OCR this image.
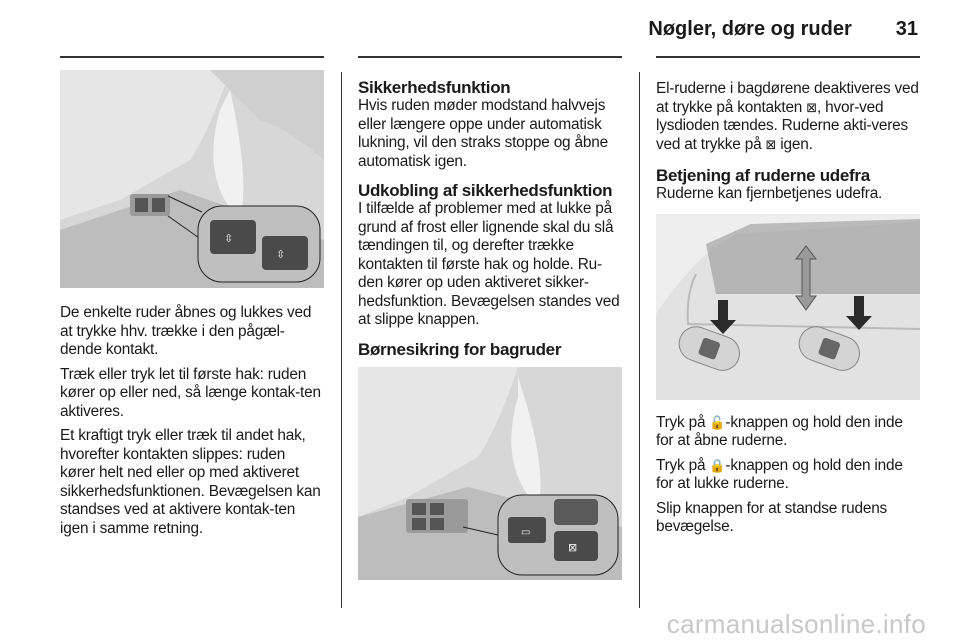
Nøgler, døre og ruder 31
⇳
⇳

De enkelte ruder åbnes og lukkes ved at trykke hhv. trække i den pågæl-dende kontakt.

Træk eller tryk let til første hak: ruden kører op eller ned, så længe kontak-ten aktiveres.

Et kraftigt tryk eller træk til andet hak, hvorefter kontakten slippes: ruden kører helt ned eller op med aktiveret sikkerhedsfunktionen. Bevægelsen kan standses ved at aktivere kontak-ten igen i samme retning.

Sikkerhedsfunktion

Hvis ruden møder modstand halvvejs eller længere oppe under automatisk lukning, vil den straks stoppe og åbne automatisk igen.

Udkobling af sikkerhedsfunktion

I tilfælde af problemer med at lukke på grund af frost eller lignende skal du slå tændingen til, og derefter trække kontakten til første hak og holde. Ru-den kører op uden aktiveret sikker-hedsfunktion. Bevægelsen standes ved at slippe knappen.

Børnesikring for bagruder
▭
⊠

El-ruderne i bagdørene deaktiveres ved at trykke på kontakten ⊠, hvor-ved lysdioden tændes. Ruderne akti-veres ved at trykke på ⊠ igen.

Betjening af ruderne udefra

Ruderne kan fjernbetjenes udefra.

Tryk på 🔓-knappen og hold den inde for at åbne ruderne.

Tryk på 🔒-knappen og hold den inde for at lukke ruderne.

Slip knappen for at standse rudens bevægelse.

carmanualsonline.info
